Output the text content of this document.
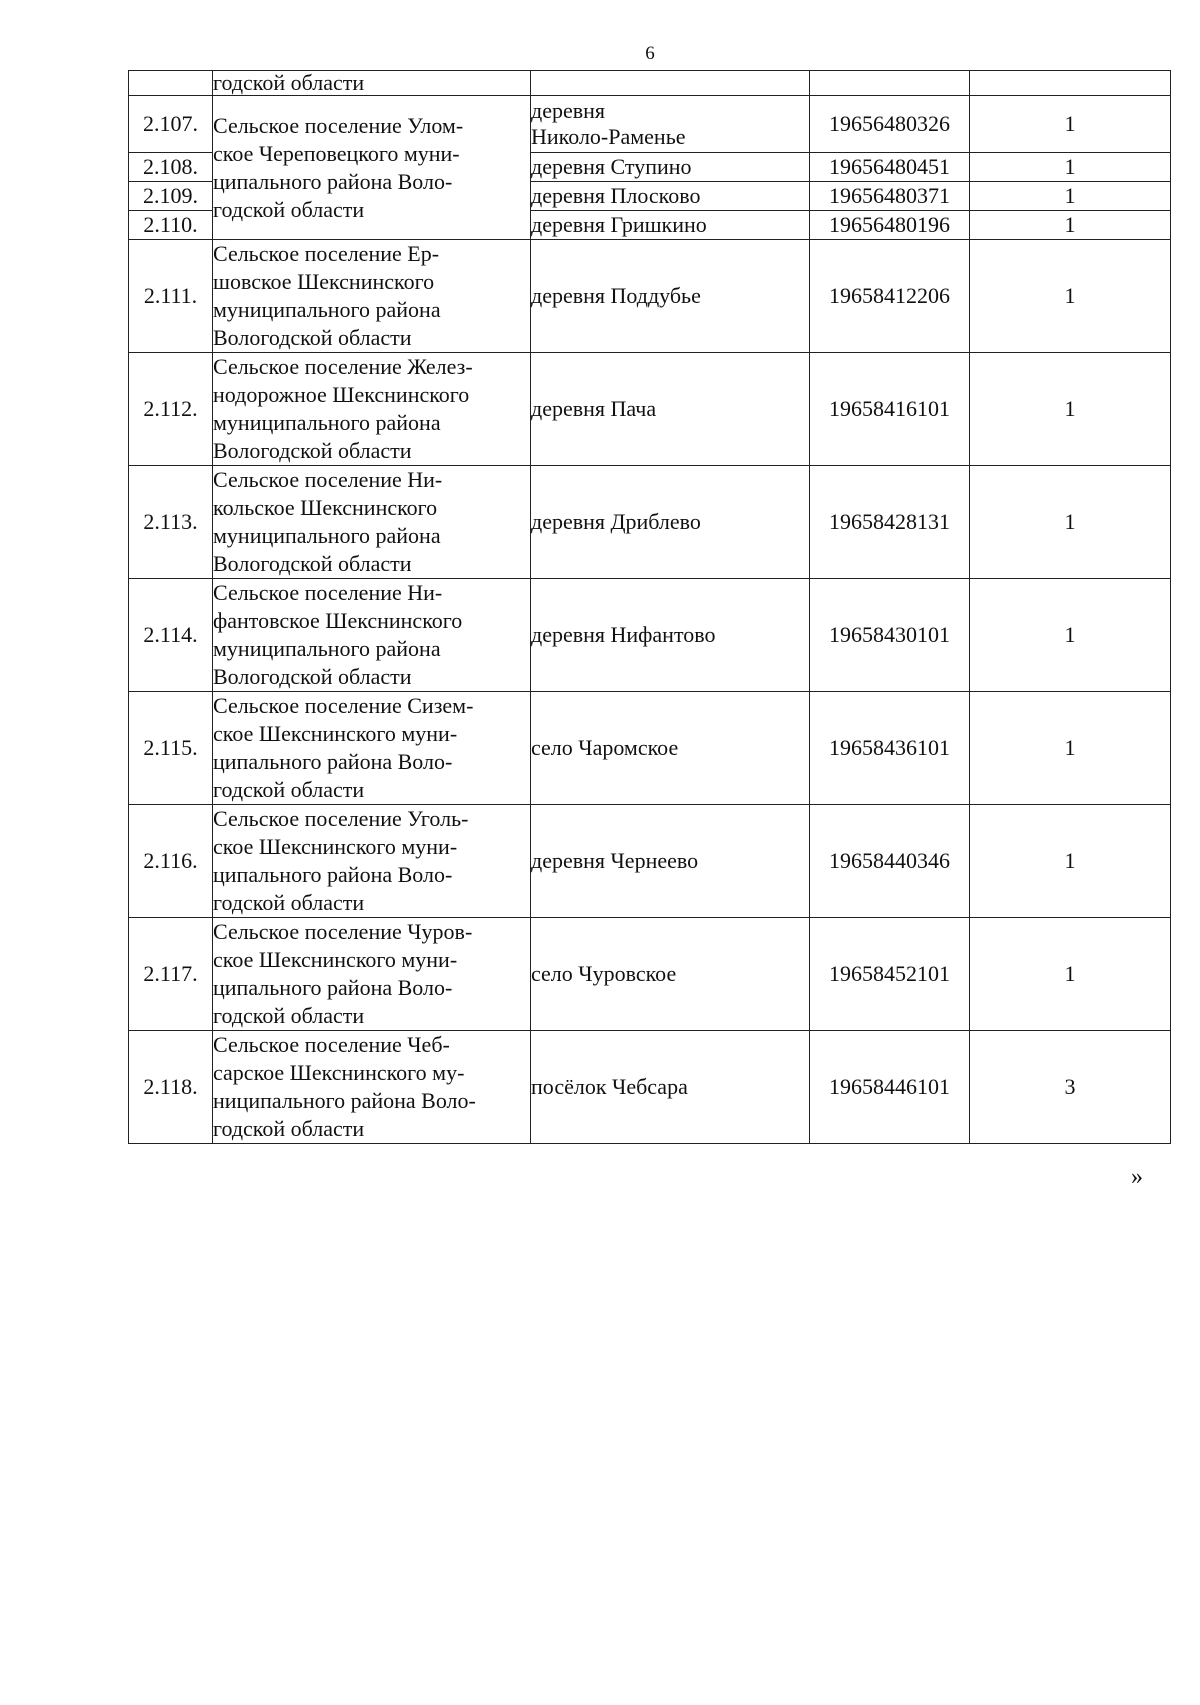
6
	годской области			
2.107.	Сельское поселение Улом-
ское Череповецкого муни-
ципального района Воло-
годской области	деревня
Николо-Раменье	19656480326	1
2.108.		деревня Ступино	19656480451	1
2.109.		деревня Плосково	19656480371	1
2.110.		деревня Гришкино	19656480196	1
2.111.	Сельское поселение Ер-
шовское Шекснинского
муниципального района
Вологодской области	деревня Поддубье	19658412206	1
2.112.	Сельское поселение Желез-
нодорожное Шекснинского
муниципального района
Вологодской области	деревня Пача	19658416101	1
2.113.	Сельское поселение Ни-
кольское Шекснинского
муниципального района
Вологодской области	деревня Дриблево	19658428131	1
2.114.	Сельское поселение Ни-
фантовское Шекснинского
муниципального района
Вологодской области	деревня Нифантово	19658430101	1
2.115.	Сельское поселение Сизем-
ское Шекснинского муни-
ципального района Воло-
годской области	село Чаромское	19658436101	1
2.116.	Сельское поселение Уголь-
ское Шекснинского муни-
ципального района Воло-
годской области	деревня Чернеево	19658440346	1
2.117.	Сельское поселение Чуров-
ское Шекснинского муни-
ципального района Воло-
годской области	село Чуровское	19658452101	1
2.118.	Сельское поселение Чеб-
сарское Шекснинского му-
ниципального района Воло-
годской области	посёлок Чебсара	19658446101	3
»
